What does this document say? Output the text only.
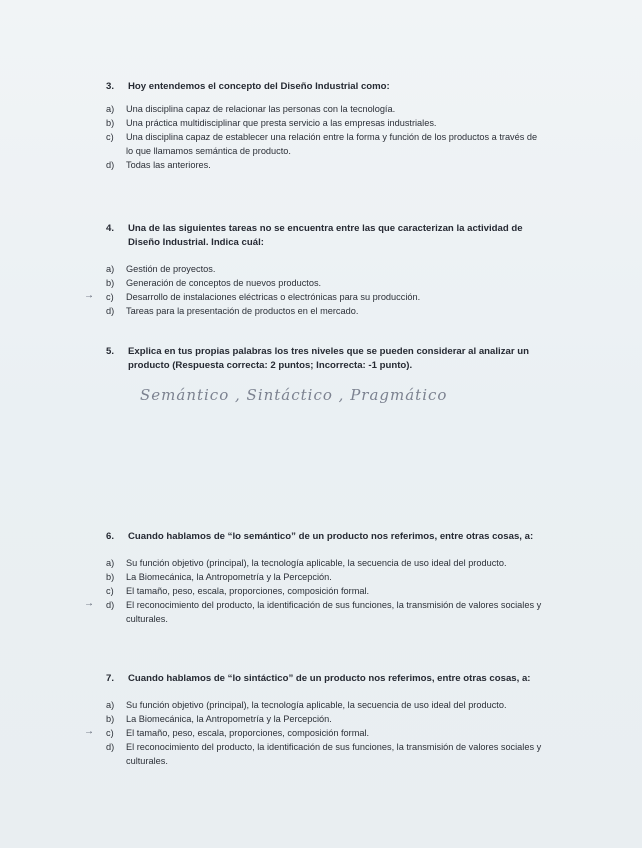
3.	Hoy entendemos el concepto del Diseño Industrial como:
a)	Una disciplina capaz de relacionar las personas con la tecnología.
b)	Una práctica multidisciplinar que presta servicio a las empresas industriales.
c)	Una disciplina capaz de establecer una relación entre la forma y función de los productos a través de lo que llamamos semántica de producto.
d)	Todas las anteriores.
4.	Una de las siguientes tareas no se encuentra entre las que caracterizan la actividad de Diseño Industrial. Indica cuál:
a)	Gestión de proyectos.
b)	Generación de conceptos de nuevos productos.
→ c)	Desarrollo de instalaciones eléctricas o electrónicas para su producción.
d)	Tareas para la presentación de productos en el mercado.
5.	Explica en tus propias palabras los tres niveles que se pueden considerar al analizar un producto (Respuesta correcta: 2 puntos; Incorrecta: -1 punto).
Semántico , Sintáctico , Pragmático
6.	Cuando hablamos de “lo semántico” de un producto nos referimos, entre otras cosas, a:
a)	Su función objetivo (principal), la tecnología aplicable, la secuencia de uso ideal del producto.
b)	La Biomecánica, la Antropometría y la Percepción.
c)	El tamaño, peso, escala, proporciones, composición formal.
→ d)	El reconocimiento del producto, la identificación de sus funciones, la transmisión de valores sociales y culturales.
7.	Cuando hablamos de “lo sintáctico” de un producto nos referimos, entre otras cosas, a:
a)	Su función objetivo (principal), la tecnología aplicable, la secuencia de uso ideal del producto.
b)	La Biomecánica, la Antropometría y la Percepción.
→ c)	El tamaño, peso, escala, proporciones, composición formal.
d)	El reconocimiento del producto, la identificación de sus funciones, la transmisión de valores sociales y culturales.
